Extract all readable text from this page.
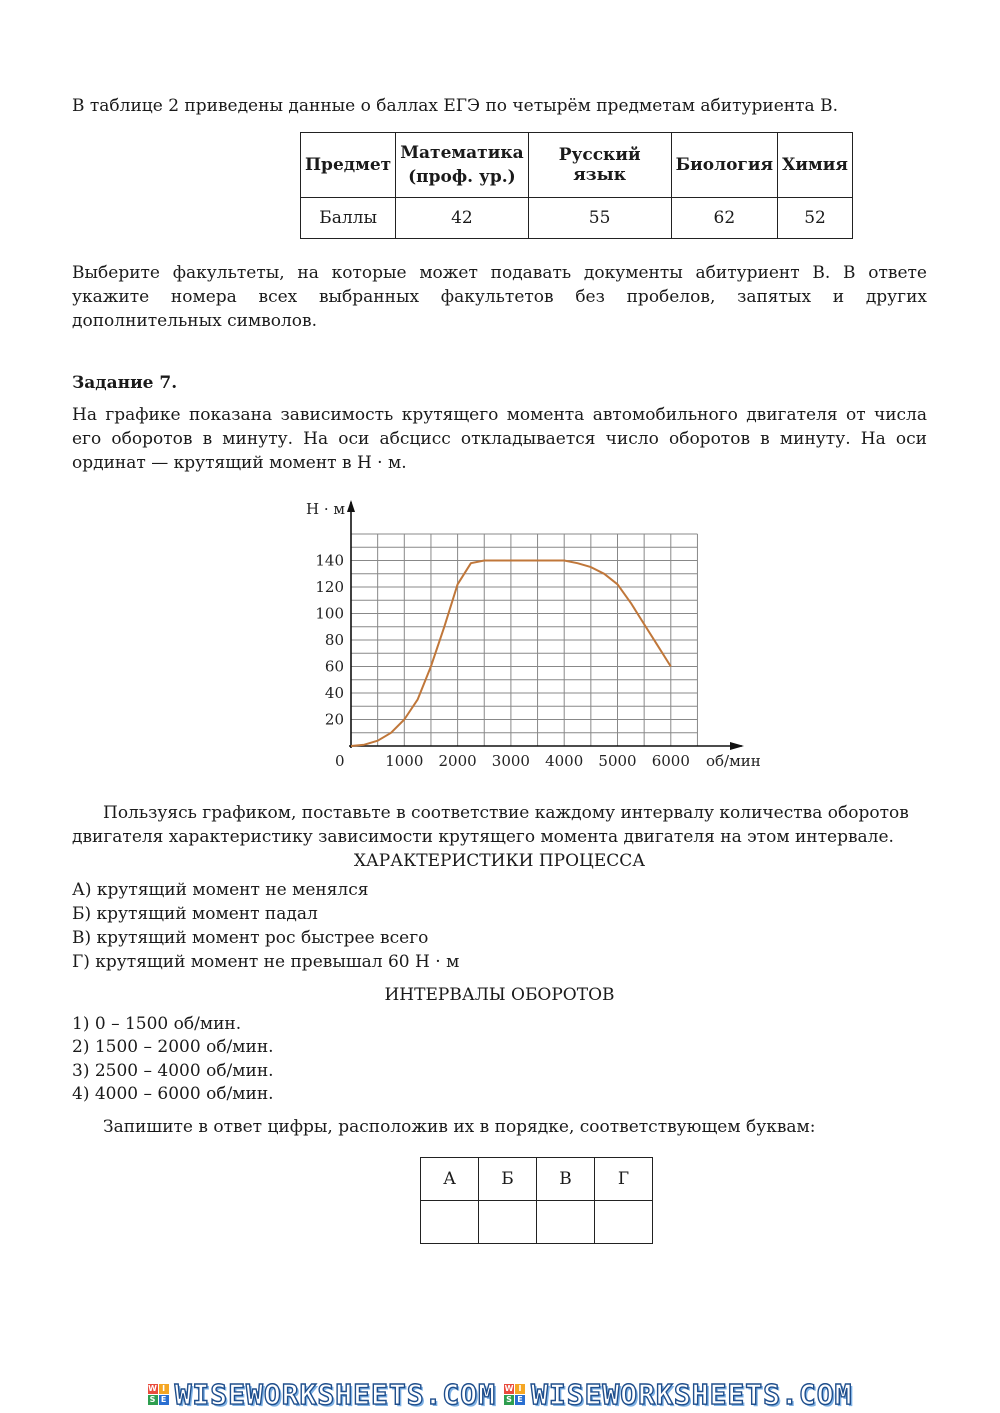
В таблице 2 приведены данные о баллах ЕГЭ по четырём предметам абитуриента В.

Предмет	Математика (проф. ур.)	Русский язык	Биология	Химия
Баллы	42	55	62	52

Выберите факультеты, на которые может подавать документы абитуриент В. В ответе

укажите номера всех выбранных факультетов без пробелов, запятых и других

дополнительных символов.

Задание 7.

На графике показана зависимость крутящего момента автомобильного двигателя от числа

его оборотов в минуту. На оси абсцисс откладывается число оборотов в минуту. На оси

ординат — крутящий момент в Н · м.

1000 2000 3000 4000 5000 6000
20
40
60
80
100
120
140
Н · м
об/мин
0

Пользуясь графиком, поставьте в соответствие каждому интервалу количества оборотов

двигателя характеристику зависимости крутящего момента двигателя на этом интервале.

ХАРАКТЕРИСТИКИ ПРОЦЕССА

А) крутящий момент не менялся
Б) крутящий момент падал
В) крутящий момент рос быстрее всего
Г) крутящий момент не превышал 60 Н · м

ИНТЕРВАЛЫ ОБОРОТОВ

1) 0 – 1500 об/мин.
2) 1500 – 2000 об/мин.
3) 2500 – 4000 об/мин.
4) 4000 – 6000 об/мин.

Запишите в ответ цифры, расположив их в порядке, соответствующем буквам:

А	Б	В	Г

W I
S E WISEWORKSHEETS.COM W I
S E WISEWORKSHEETS.COM
